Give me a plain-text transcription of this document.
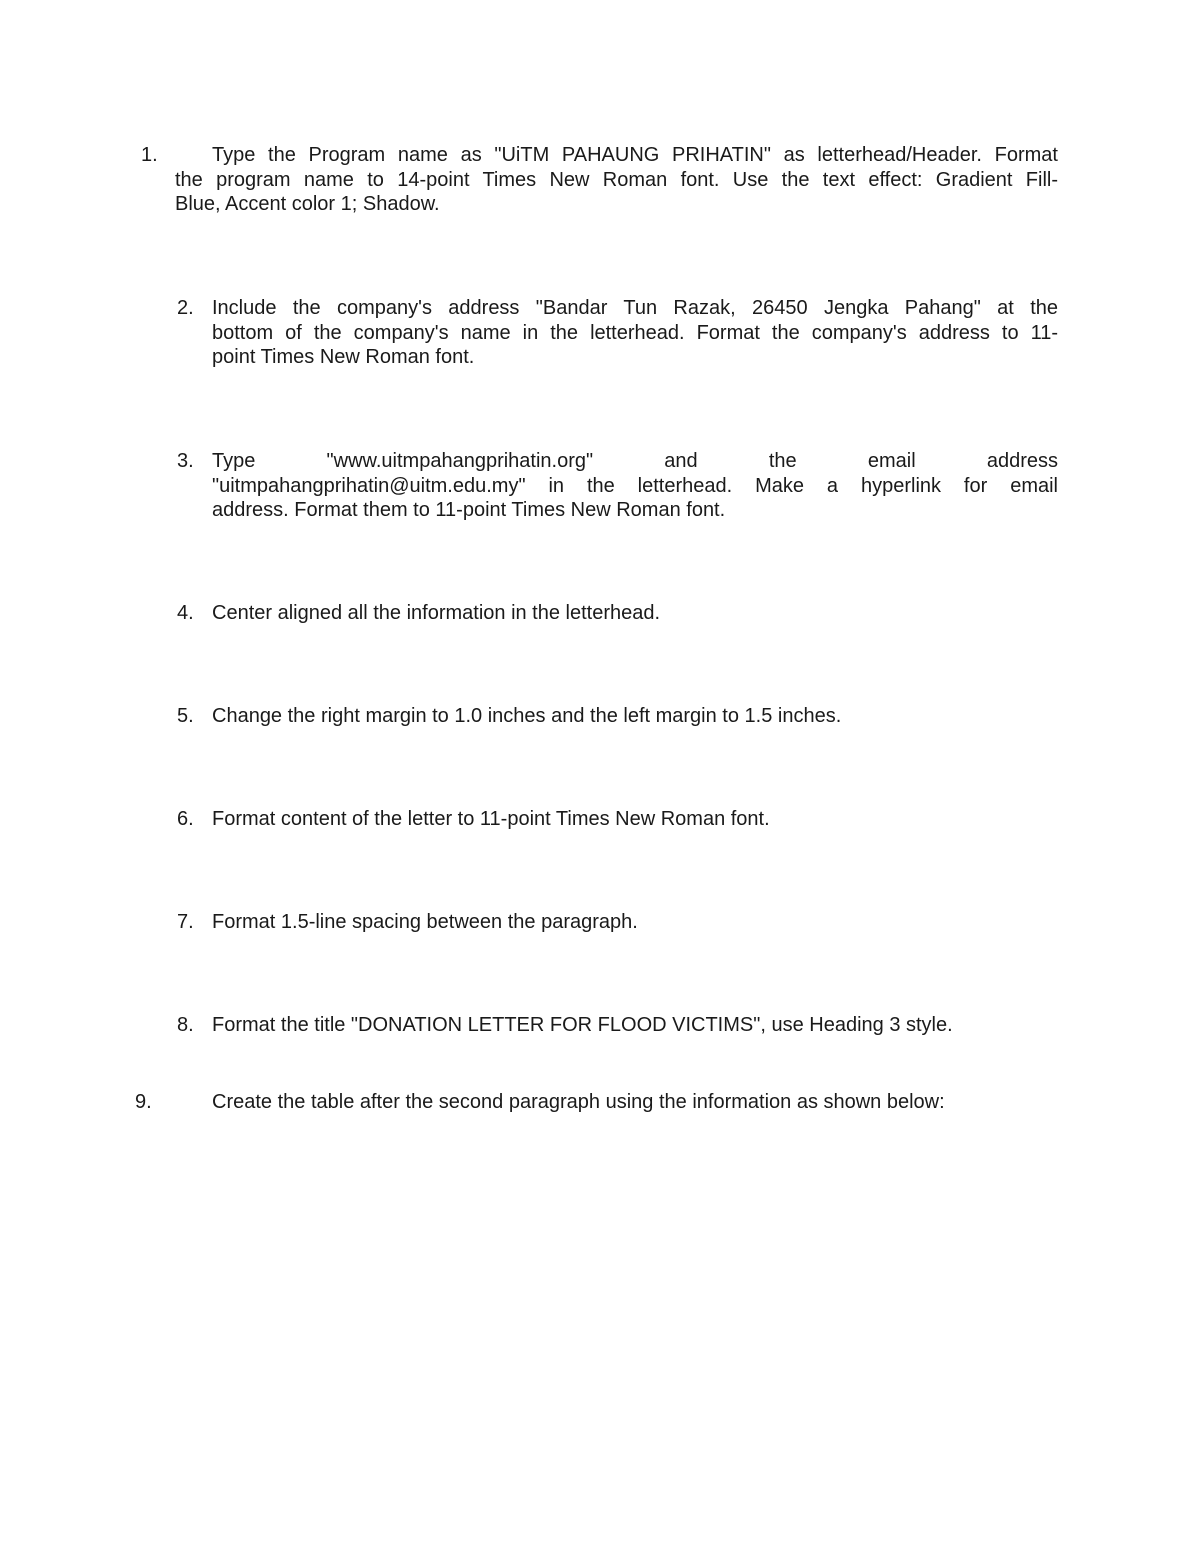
1.	Type the Program name as "UiTM PAHAUNG PRIHATIN" as letterhead/Header. Format
the program name to 14-point Times New Roman font. Use the text effect: Gradient Fill-
Blue, Accent color 1; Shadow.
2. Include the company's address "Bandar Tun Razak, 26450 Jengka Pahang" at the
bottom of the company's name in the letterhead. Format the company's address to 11-
point Times New Roman font.
3. Type "www.uitmpahangprihatin.org" and the email address
"uitmpahangprihatin@uitm.edu.my" in the letterhead. Make a hyperlink for email
address. Format them to 11-point Times New Roman font.
4. Center aligned all the information in the letterhead.
5. Change the right margin to 1.0 inches and the left margin to 1.5 inches.
6. Format content of the letter to 11-point Times New Roman font.
7. Format 1.5-line spacing between the paragraph.
8. Format the title "DONATION LETTER FOR FLOOD VICTIMS", use Heading 3 style.
9.	Create the table after the second paragraph using the information as shown below:
